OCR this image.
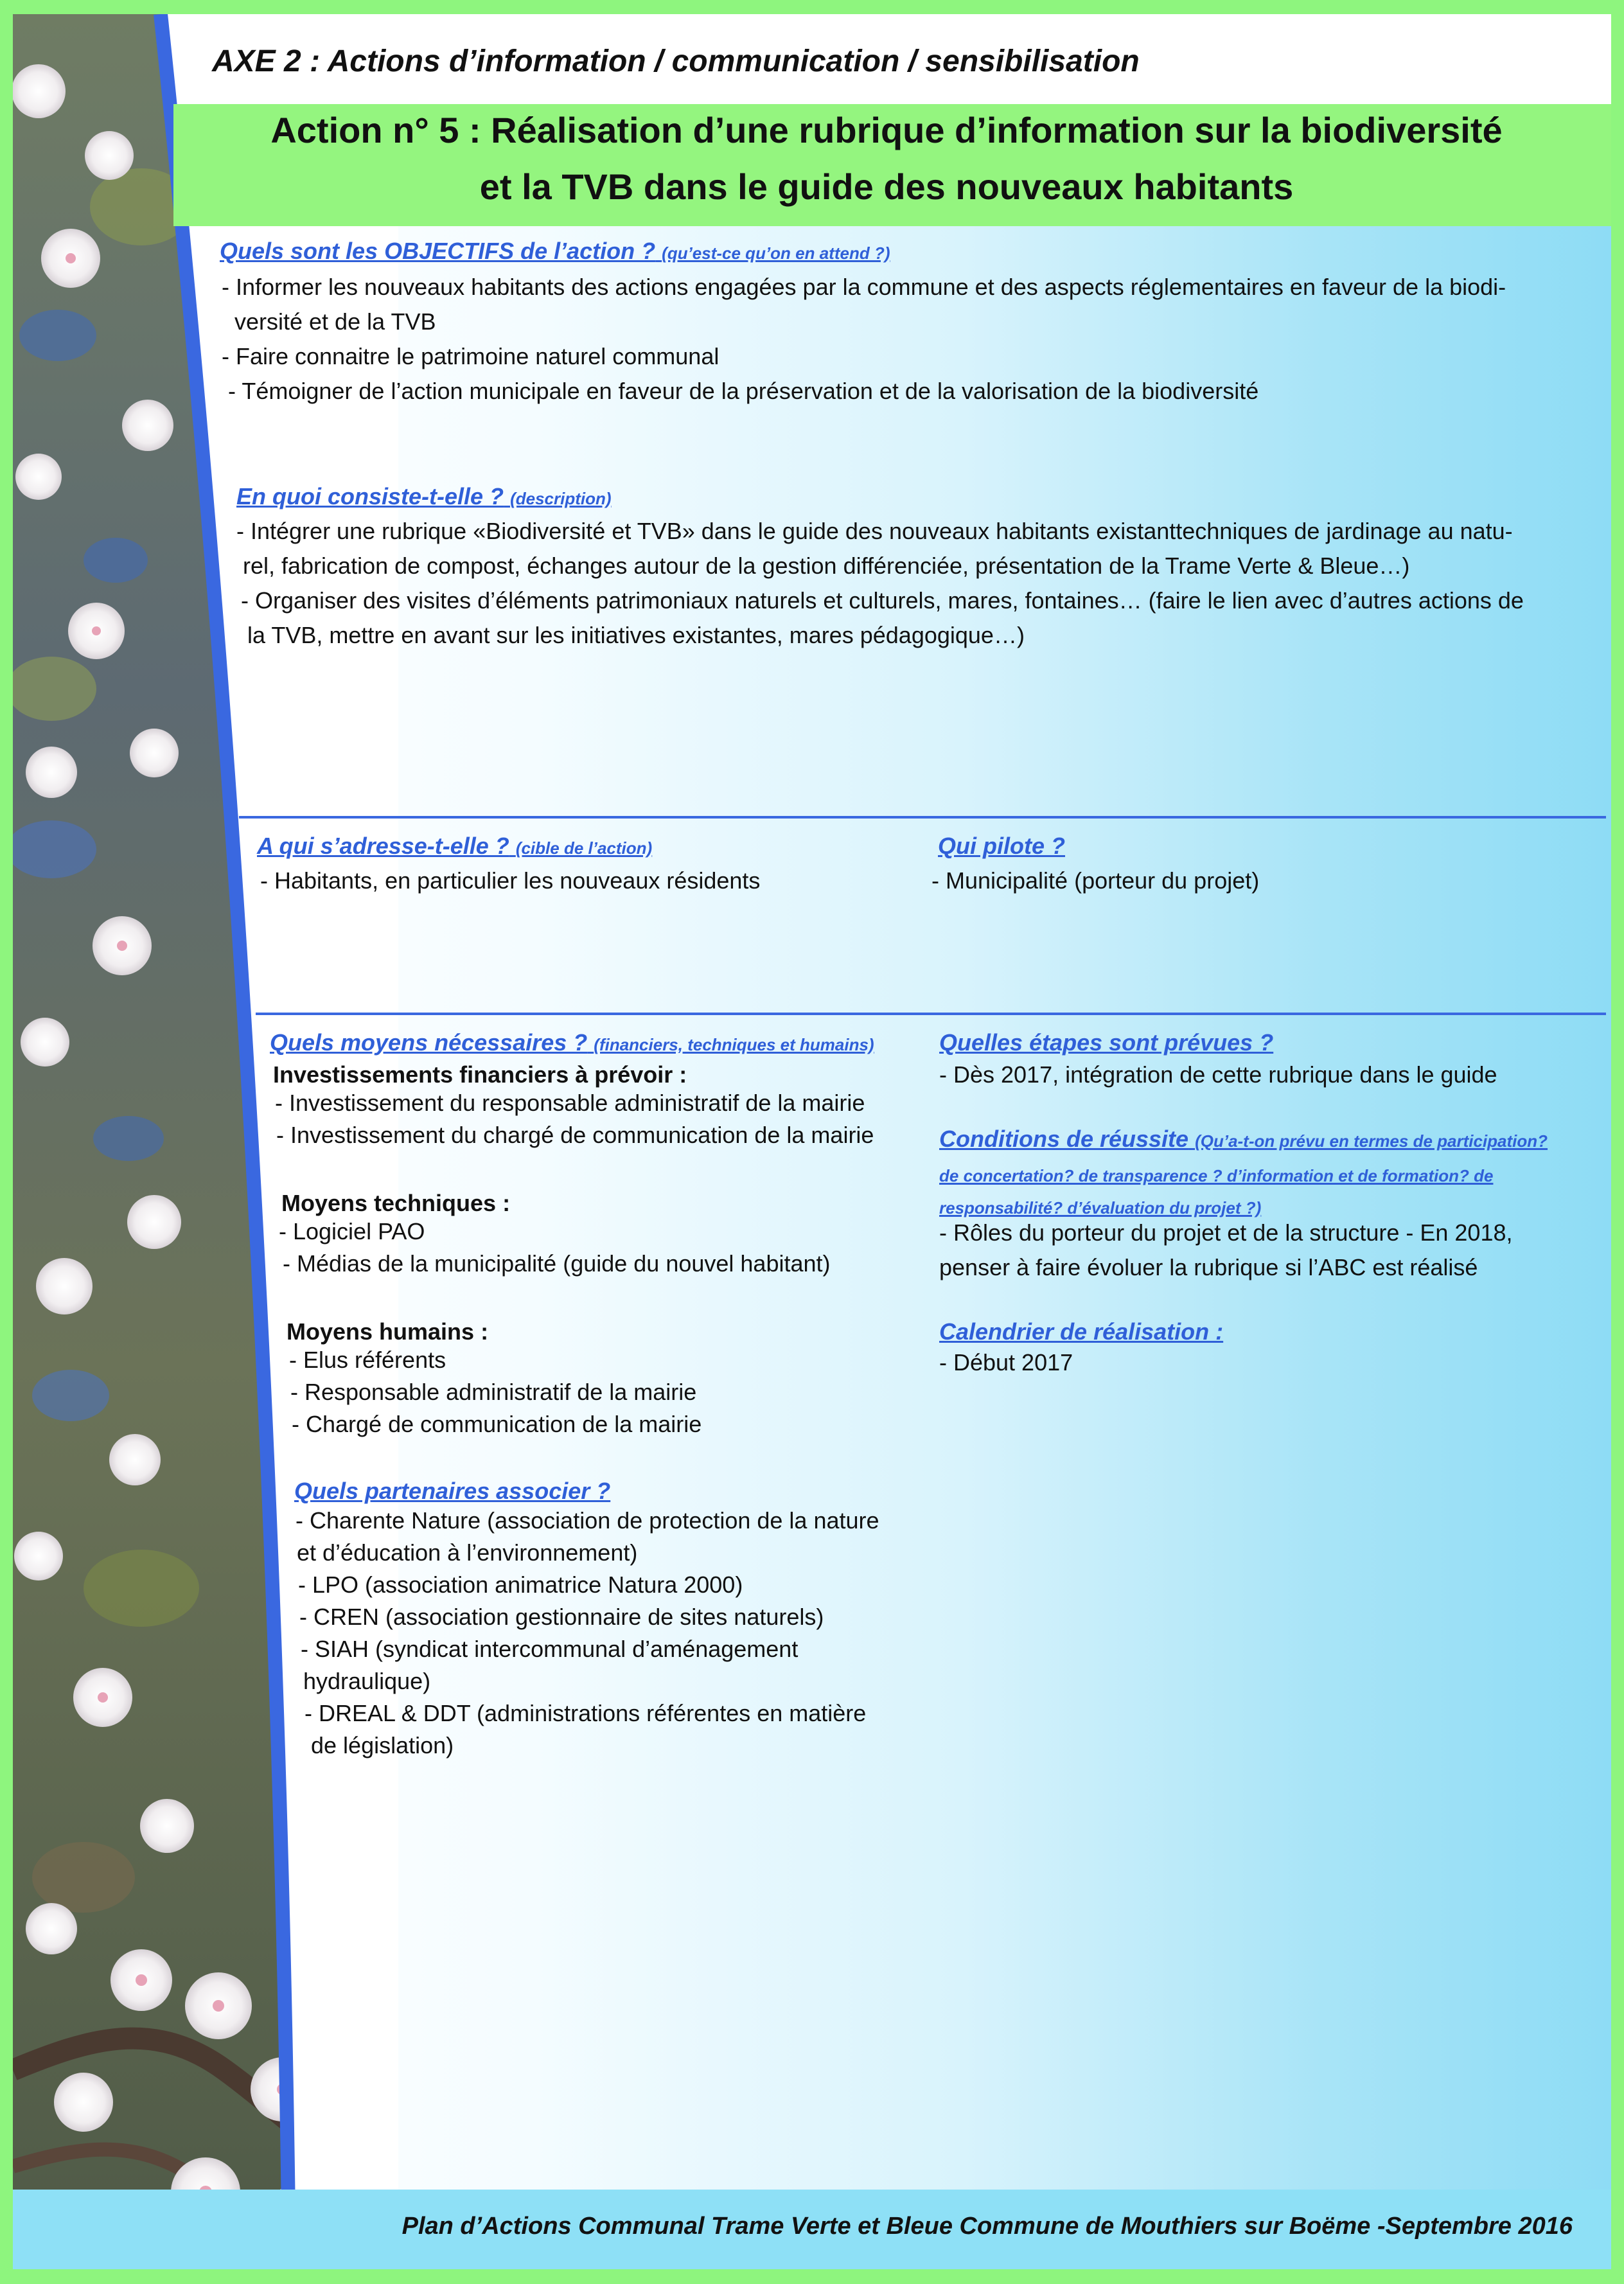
AXE 2 : Actions d’information / communication / sensibilisation

Action n° 5 : Réalisation d’une rubrique d’information sur la biodiversité

et la TVB dans le guide des nouveaux habitants

Quels sont les OBJECTIFS de l’action ? (qu’est-ce qu’on en attend ?)

- Informer les nouveaux habitants des actions engagées par la commune et des aspects réglementaires en faveur de la biodi-

versité et de la TVB

- Faire connaitre le patrimoine naturel communal

- Témoigner de l’action municipale en faveur de la préservation et de la valorisation de la biodiversité

En quoi consiste-t-elle ? (description)

- Intégrer une rubrique «Biodiversité et TVB» dans le guide des nouveaux habitants existanttechniques de jardinage au natu-

rel, fabrication de compost, échanges autour de la gestion différenciée, présentation de la Trame Verte & Bleue…)

- Organiser des visites d’éléments patrimoniaux naturels et culturels, mares, fontaines… (faire le lien avec d’autres actions de

la TVB, mettre en avant sur les initiatives existantes, mares pédagogique…)

A qui s’adresse-t-elle ? (cible de l’action)

- Habitants, en particulier les nouveaux résidents

Qui pilote ?

- Municipalité (porteur du projet)

Quels moyens nécessaires ? (financiers, techniques et humains)

Investissements financiers à prévoir :

- Investissement du responsable administratif de la mairie

- Investissement du chargé de communication de la mairie

Moyens techniques :

- Logiciel PAO

- Médias de la municipalité (guide du nouvel habitant)

Moyens humains :

- Elus référents

- Responsable administratif de la mairie

- Chargé de communication de la mairie

Quels partenaires associer ?

- Charente Nature (association de protection de la nature

et d’éducation à l’environnement)

- LPO (association animatrice Natura 2000)

- CREN (association gestionnaire de sites naturels)

- SIAH (syndicat intercommunal d’aménagement

hydraulique)

- DREAL & DDT (administrations référentes en matière

de législation)

Quelles étapes sont prévues ?

- Dès 2017, intégration de cette rubrique dans le guide

Conditions de réussite (Qu’a-t-on prévu en termes de participation?

de concertation? de transparence ? d’information et de formation? de

responsabilité? d’évaluation du projet ?)

- Rôles du porteur du projet et de la structure - En 2018,

penser à faire évoluer la rubrique si l’ABC est réalisé

Calendrier de réalisation :

- Début 2017

Plan d’Actions Communal Trame Verte et Bleue Commune de Mouthiers sur Boëme -Septembre 2016
